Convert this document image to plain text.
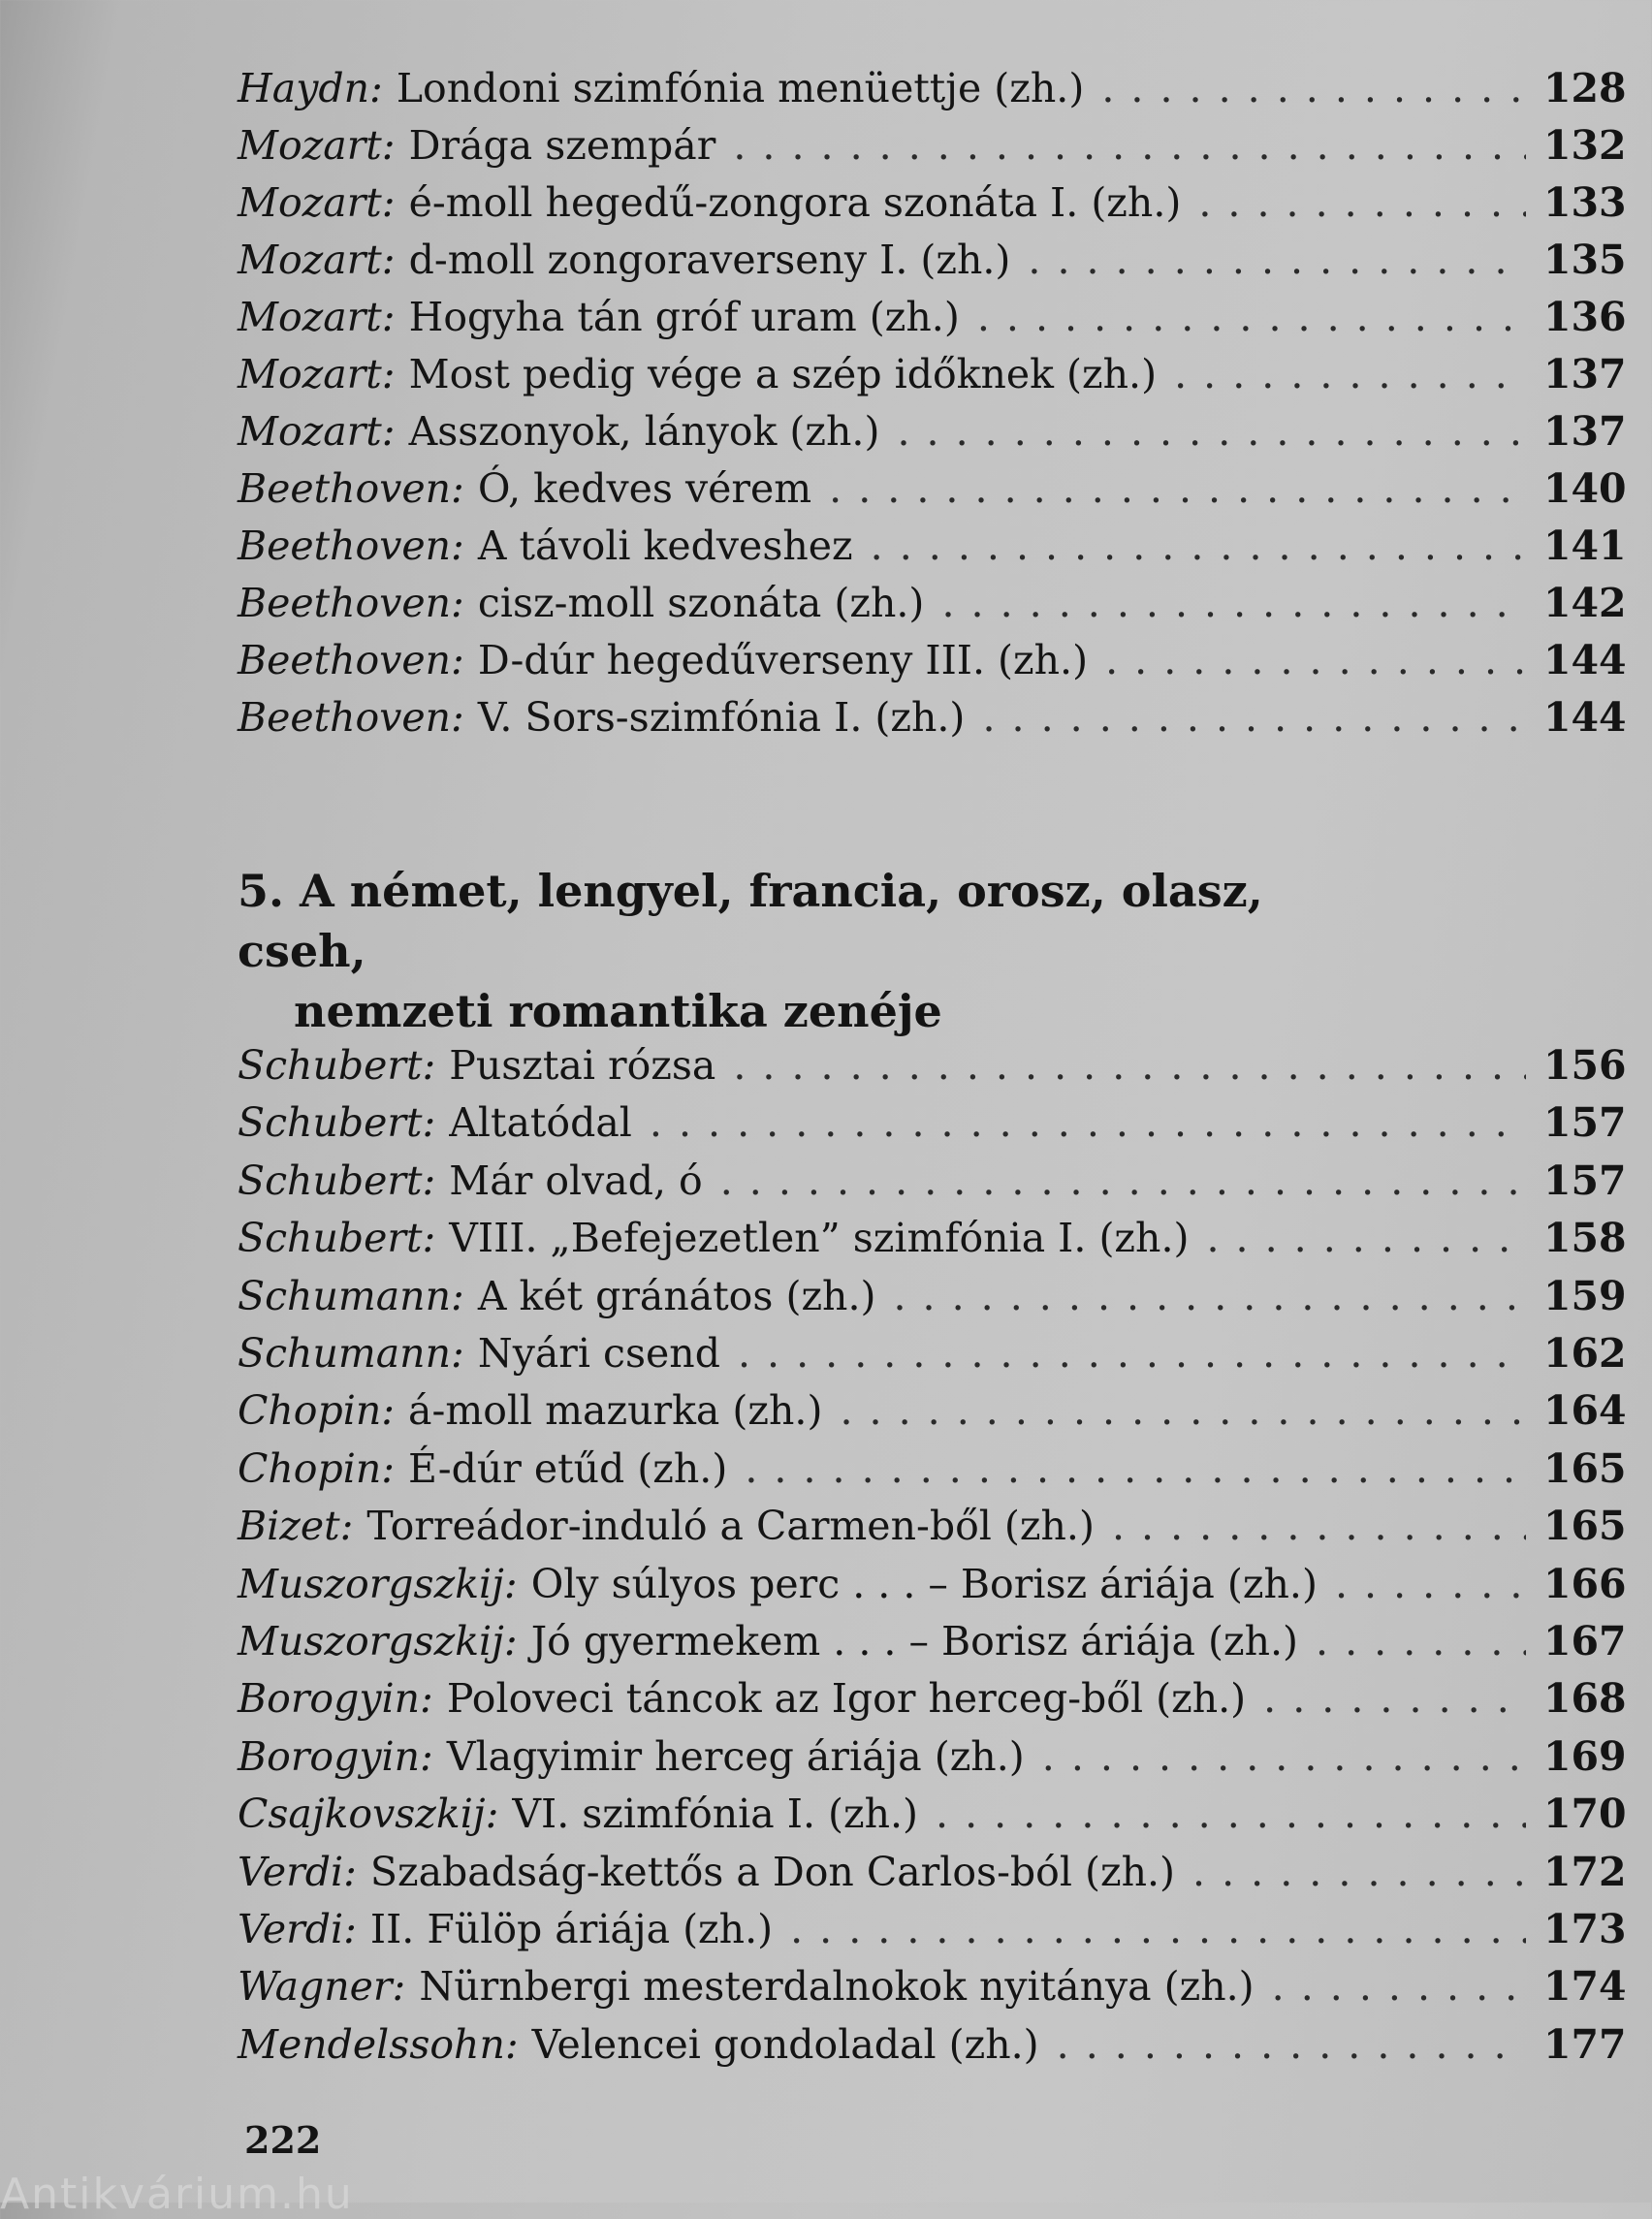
Haydn: Londoni szimfónia menüettje (zh.) . . .	128
Mozart: Drága szempár . . .	132
Mozart: é-moll hegedű-zongora szonáta I. (zh.) . . .	133
Mozart: d-moll zongoraverseny I. (zh.) . . .	135
Mozart: Hogyha tán gróf uram (zh.) . . .	136
Mozart: Most pedig vége a szép időknek (zh.) . . .	137
Mozart: Asszonyok, lányok (zh.) . . .	137
Beethoven: Ó, kedves vérem . . .	140
Beethoven: A távoli kedveshez . . .	141
Beethoven: cisz-moll szonáta (zh.) . . .	142
Beethoven: D-dúr hegedűverseny III. (zh.) . . .	144
Beethoven: V. Sors-szimfónia I. (zh.) . . .	144
5. A német, lengyel, francia, orosz, olasz, cseh,
nemzeti romantika zenéje
Schubert: Pusztai rózsa . . .	156
Schubert: Altatódal . . .	157
Schubert: Már olvad, ó . . .	157
Schubert: VIII. „Befejezetlen” szimfónia I. (zh.) . . .	158
Schumann: A két gránátos (zh.) . . .	159
Schumann: Nyári csend . . .	162
Chopin: á-moll mazurka (zh.) . . .	164
Chopin: É-dúr etűd (zh.) . . .	165
Bizet: Torreádor-induló a Carmen-ből (zh.) . . .	165
Muszorgszkij: Oly súlyos perc . . . – Borisz áriája (zh.) . . .	166
Muszorgszkij: Jó gyermekem . . . – Borisz áriája (zh.) . . .	167
Borogyin: Poloveci táncok az Igor herceg-ből (zh.) . . .	168
Borogyin: Vlagyimir herceg áriája (zh.) . . .	169
Csajkovszkij: VI. szimfónia I. (zh.) . . .	170
Verdi: Szabadság-kettős a Don Carlos-ból (zh.) . . .	172
Verdi: II. Fülöp áriája (zh.) . . .	173
Wagner: Nürnbergi mesterdalnokok nyitánya (zh.) . . .	174
Mendelssohn: Velencei gondoladal (zh.) . . .	177
222
Antikvárium.hu
